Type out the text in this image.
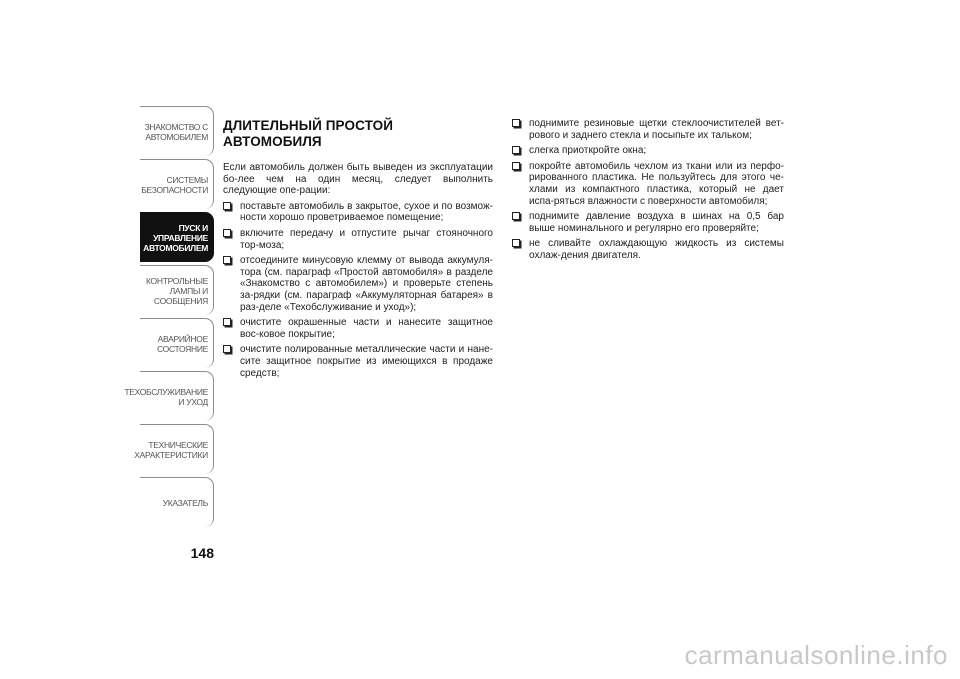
ЗНАКОМСТВО С
АВТОМОБИЛЕМ
СИСТЕМЫ
БЕЗОПАСНОСТИ
ПУСК И
УПРАВЛЕНИЕ
АВТОМОБИЛЕМ
КОНТРОЛЬНЫЕ
ЛАМПЫ И
СООБЩЕНИЯ
АВАРИЙНОЕ
СОСТОЯНИЕ
ТЕХОБСЛУЖИВАНИЕ
И УХОД
ТЕХНИЧЕСКИЕ
ХАРАКТЕРИСТИКИ
УКАЗАТЕЛЬ
148
ДЛИТЕЛЬНЫЙ ПРОСТОЙ АВТОМОБИЛЯ

Если автомобиль должен быть выведен из эксплуатации бо-лее чем на один месяц, следует выполнить следующие опе-рации:

поставьте автомобиль в закрытое, сухое и по возмож-ности хорошо проветриваемое помещение;
включите передачу и отпустите рычаг стояночного тор-моза;
отсоедините минусовую клемму от вывода аккумуля-тора (см. параграф «Простой автомобиля» в разделе «Знакомство с автомобилем») и проверьте степень за-рядки (см. параграф «Аккумуляторная батарея» в раз-деле «Техобслуживание и уход»);
очистите окрашенные части и нанесите защитное вос-ковое покрытие;
очистите полированные металлические части и нане-сите защитное покрытие из имеющихся в продаже средств;
поднимите резиновые щетки стеклоочистителей вет-рового и заднего стекла и посыпьте их тальком;
слегка приоткройте окна;
покройте автомобиль чехлом из ткани или из перфо-рированного пластика. Не пользуйтесь для этого че-хлами из компактного пластика, который не дает испа-ряться влажности с поверхности автомобиля;
поднимите давление воздуха в шинах на 0,5 бар выше номинального и регулярно его проверяйте;
не сливайте охлаждающую жидкость из системы охлаж-дения двигателя.
carmanualsonline.info
